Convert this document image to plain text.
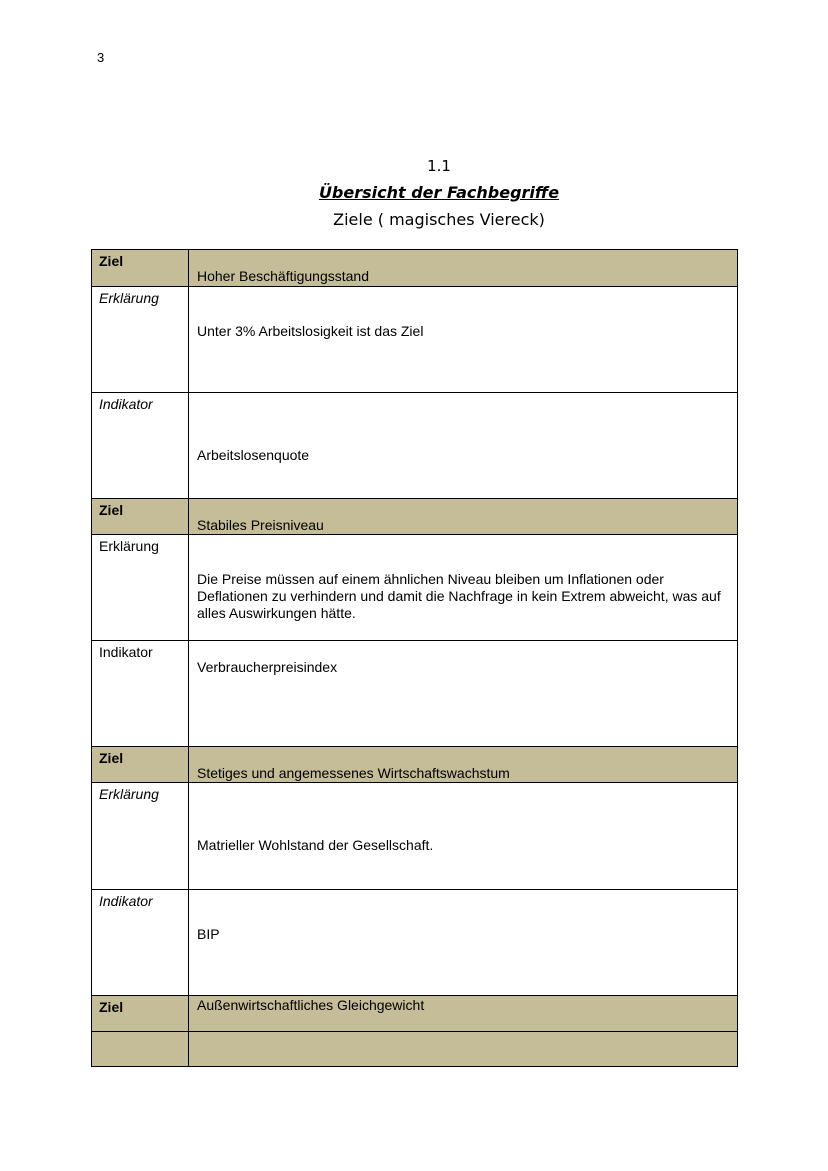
3
1.1
Übersicht der Fachbegriffe
Ziele ( magisches Viereck)
Ziel	Hoher Beschäftigungsstand

Erklärung	Unter 3% Arbeitslosigkeit ist das Ziel

Indikator	Arbeitslosenquote

Ziel	Stabiles Preisniveau

Erklärung	Die Preise müssen auf einem ähnlichen Niveau bleiben um Inflationen oder Deflationen zu verhindern und damit die Nachfrage in kein Extrem abweicht, was auf alles Auswirkungen hätte.

Indikator	Verbraucherpreisindex

Ziel	Stetiges und angemessenes Wirtschaftswachstum

Erklärung	Matrieller Wohlstand der Gesellschaft.

Indikator	BIP

Ziel	Außenwirtschaftliches Gleichgewicht
